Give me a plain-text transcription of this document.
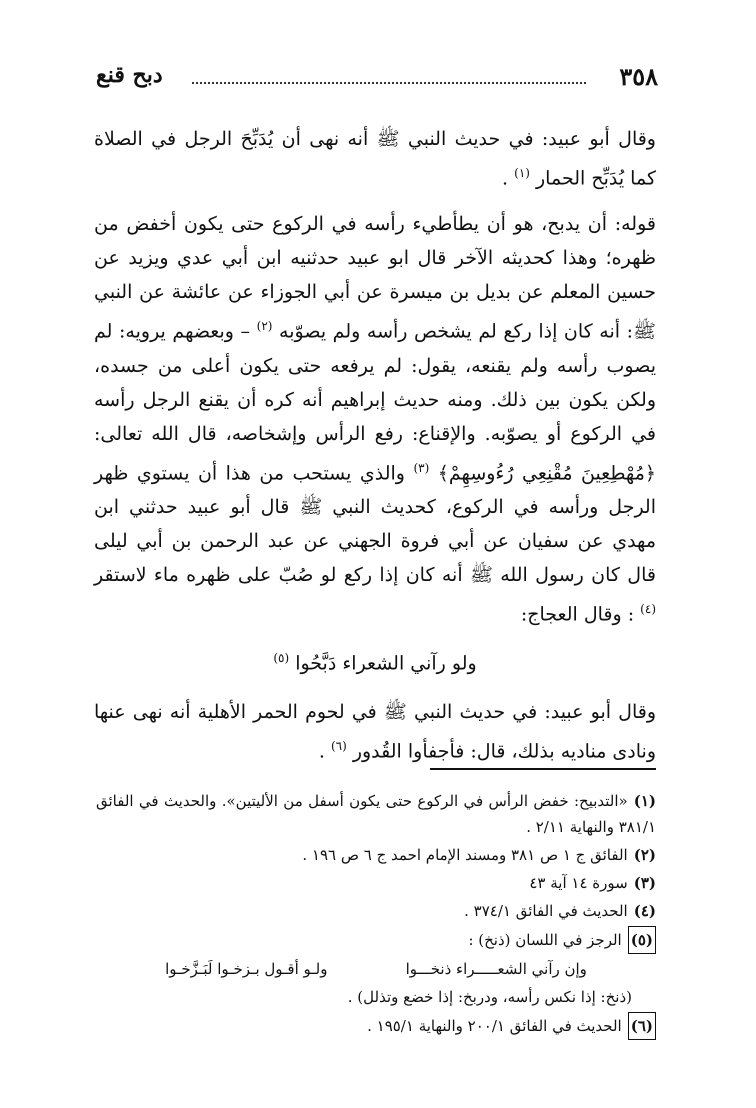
٣٥٨
دبح قنع

وقال أبو عبيد: في حديث النبي ﷺ أنه نهى أن يُدَبِّحَ الرجل في الصلاة كما يُدَبِّح الحمار $^{(١)}$ .

قوله: أن يدبح، هو أن يطأطيء رأسه في الركوع حتى يكون أخفض من ظهره؛ وهذا كحديثه الآخر قال ابو عبيد حدثنيه ابن أبي عدي ويزيد عن حسين المعلم عن بديل بن ميسرة عن أبي الجوزاء عن عائشة عن النبي ﷺ: أنه كان إذا ركع لم يشخص رأسه ولم يصوّبه $^{(٢)}$ – وبعضهم يرويه: لم يصوب رأسه ولم يقنعه، يقول: لم يرفعه حتى يكون أعلى من جسده، ولكن يكون بين ذلك. ومنه حديث إبراهيم أنه كره أن يقنع الرجل رأسه في الركوع أو يصوّبه. والإقناع: رفع الرأس وإشخاصه، قال الله تعالى: ﴿مُهْطِعِينَ مُقْنِعِي رُءُوسِهِمْ﴾ $^{(٣)}$ والذي يستحب من هذا أن يستوي ظهر الرجل ورأسه في الركوع، كحديث النبي ﷺ قال أبو عبيد حدثني ابن مهدي عن سفيان عن أبي فروة الجهني عن عبد الرحمن بن أبي ليلى قال كان رسول الله ﷺ أنه كان إذا ركع لو صُبّ على ظهره ماء لاستقر $^{(٤)}$ : وقال العجاج:

ولو رآني الشعراء دَبَّحُوا $^{(٥)}$

وقال أبو عبيد: في حديث النبي ﷺ في لحوم الحمر الأهلية أنه نهى عنها ونادى مناديه بذلك، قال: فأجفأوا القُدور $^{(٦)}$ .

(١)«التدبيح: خفض الرأس في الركوع حتى يكون أسفل من الأليتين». والحديث في الفائق ٣٨١/١ والنهاية ٢/١١ .

(٢)الفائق ج ١ ص ٣٨١ ومسند الإمام احمد ج ٦ ص ١٩٦ .

(٣)سورة ١٤ آية ٤٣

(٤)الحديث في الفائق ٣٧٤/١ .

(٥)الرجز في اللسان (ذنخ) :

وإن رآني الشعـــــراء ذنخـــوا
ولـو أقـول بـزخـوا لَبَـزَّخـوا

(ذنخ: إذا نكس رأسه، ودربخ: إذا خضع وتذلل) .

(٦)الحديث في الفائق ٢٠٠/١ والنهاية ١٩٥/١ .
